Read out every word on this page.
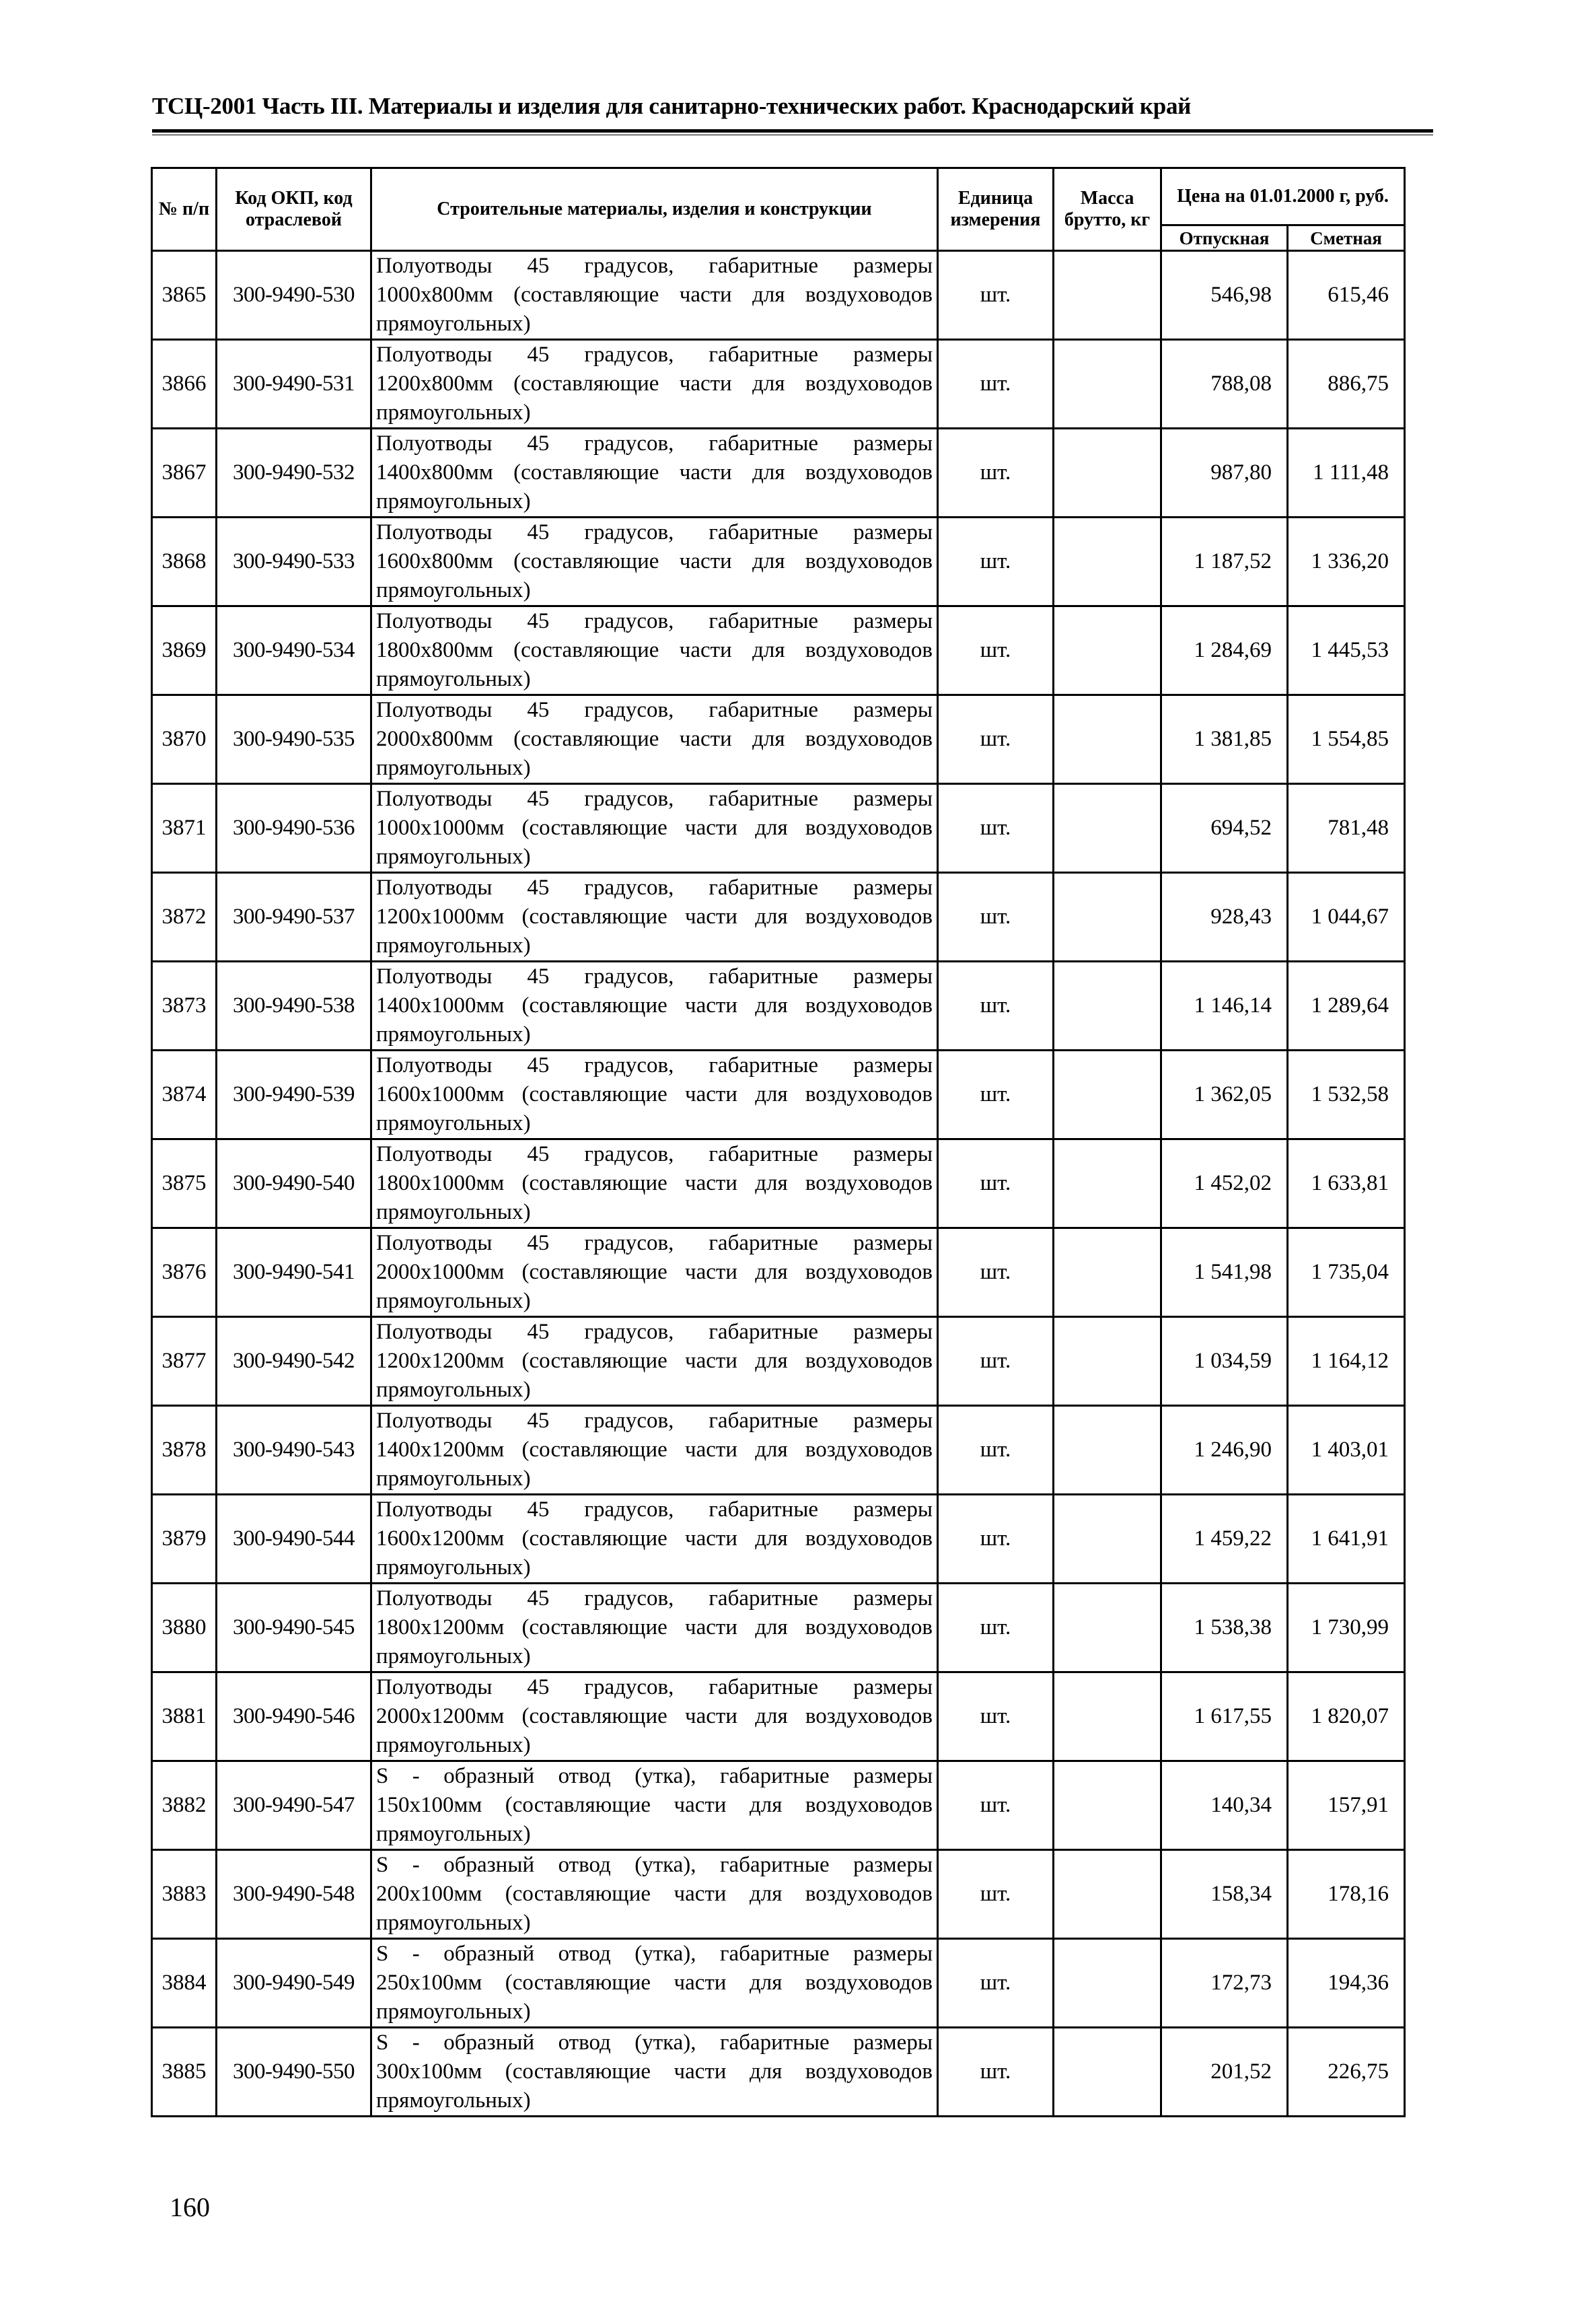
ТСЦ-2001 Часть III. Материалы и изделия для санитарно-технических работ. Краснодарский край
№ п/п	Код ОКП, код отраслевой	Строительные материалы, изделия и конструкции	Единица измерения	Масса брутто, кг	Цена на 01.01.2000 г, руб.	
					Отпускная	Сметная
3865	300-9490-530	Полуотводы 45 градусов, габаритные размеры 1000х800мм (составляющие части для воздуховодов прямоугольных)	шт.		546,98	615,46
3866	300-9490-531	Полуотводы 45 градусов, габаритные размеры 1200х800мм (составляющие части для воздуховодов прямоугольных)	шт.		788,08	886,75
3867	300-9490-532	Полуотводы 45 градусов, габаритные размеры 1400х800мм (составляющие части для воздуховодов прямоугольных)	шт.		987,80	1 111,48
3868	300-9490-533	Полуотводы 45 градусов, габаритные размеры 1600х800мм (составляющие части для воздуховодов прямоугольных)	шт.		1 187,52	1 336,20
3869	300-9490-534	Полуотводы 45 градусов, габаритные размеры 1800х800мм (составляющие части для воздуховодов прямоугольных)	шт.		1 284,69	1 445,53
3870	300-9490-535	Полуотводы 45 градусов, габаритные размеры 2000х800мм (составляющие части для воздуховодов прямоугольных)	шт.		1 381,85	1 554,85
3871	300-9490-536	Полуотводы 45 градусов, габаритные размеры 1000х1000мм (составляющие части для воздуховодов прямоугольных)	шт.		694,52	781,48
3872	300-9490-537	Полуотводы 45 градусов, габаритные размеры 1200х1000мм (составляющие части для воздуховодов прямоугольных)	шт.		928,43	1 044,67
3873	300-9490-538	Полуотводы 45 градусов, габаритные размеры 1400х1000мм (составляющие части для воздуховодов прямоугольных)	шт.		1 146,14	1 289,64
3874	300-9490-539	Полуотводы 45 градусов, габаритные размеры 1600х1000мм (составляющие части для воздуховодов прямоугольных)	шт.		1 362,05	1 532,58
3875	300-9490-540	Полуотводы 45 градусов, габаритные размеры 1800х1000мм (составляющие части для воздуховодов прямоугольных)	шт.		1 452,02	1 633,81
3876	300-9490-541	Полуотводы 45 градусов, габаритные размеры 2000х1000мм (составляющие части для воздуховодов прямоугольных)	шт.		1 541,98	1 735,04
3877	300-9490-542	Полуотводы 45 градусов, габаритные размеры 1200х1200мм (составляющие части для воздуховодов прямоугольных)	шт.		1 034,59	1 164,12
3878	300-9490-543	Полуотводы 45 градусов, габаритные размеры 1400х1200мм (составляющие части для воздуховодов прямоугольных)	шт.		1 246,90	1 403,01
3879	300-9490-544	Полуотводы 45 градусов, габаритные размеры 1600х1200мм (составляющие части для воздуховодов прямоугольных)	шт.		1 459,22	1 641,91
3880	300-9490-545	Полуотводы 45 градусов, габаритные размеры 1800х1200мм (составляющие части для воздуховодов прямоугольных)	шт.		1 538,38	1 730,99
3881	300-9490-546	Полуотводы 45 градусов, габаритные размеры 2000х1200мм (составляющие части для воздуховодов прямоугольных)	шт.		1 617,55	1 820,07
3882	300-9490-547	S - образный отвод (утка), габаритные размеры 150х100мм (составляющие части для воздуховодов прямоугольных)	шт.		140,34	157,91
3883	300-9490-548	S - образный отвод (утка), габаритные размеры 200х100мм (составляющие части для воздуховодов прямоугольных)	шт.		158,34	178,16
3884	300-9490-549	S - образный отвод (утка), габаритные размеры 250х100мм (составляющие части для воздуховодов прямоугольных)	шт.		172,73	194,36
3885	300-9490-550	S - образный отвод (утка), габаритные размеры 300х100мм (составляющие части для воздуховодов прямоугольных)	шт.		201,52	226,75
160
